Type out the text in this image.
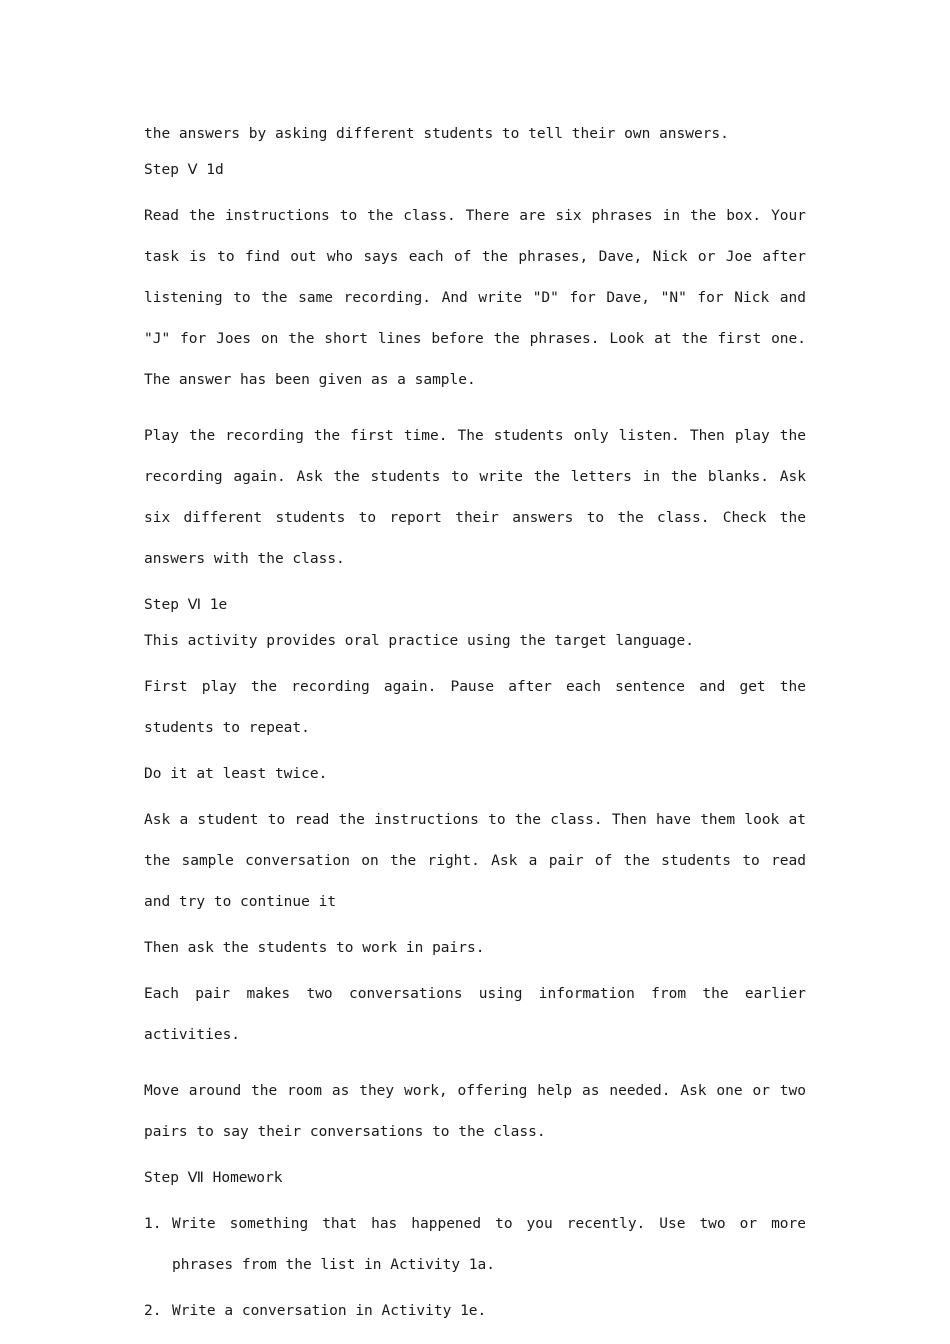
the answers by asking different students to tell their own answers.

Step Ⅴ 1d

Read the instructions to the class. There are six phrases in the box. Your task is to find out who says each of the phrases, Dave, Nick or Joe after listening to the same recording. And write "D" for Dave, "N" for Nick and "J" for Joes on the short lines before the phrases. Look at the first one. The answer has been given as a sample.

Play the recording the first time. The students only listen. Then play the recording again. Ask the students to write the letters in the blanks. Ask six different students to report their answers to the class. Check the answers with the class.

Step Ⅵ 1e

This activity provides oral practice using the target language.

First play the recording again. Pause after each sentence and get the students to repeat.

Do it at least twice.

Ask a student to read the instructions to the class. Then have them look at the sample conversation on the right. Ask a pair of the students to read and try to continue it

Then ask the students to work in pairs.

Each pair makes two conversations using information from the earlier activities.

Move around the room as they work, offering help as needed. Ask one or two pairs to say their conversations to the class.

Step Ⅶ Homework

1. Write something that has happened to you recently. Use two or more phrases from the list in Activity 1a.

2. Write a conversation in Activity 1e.
